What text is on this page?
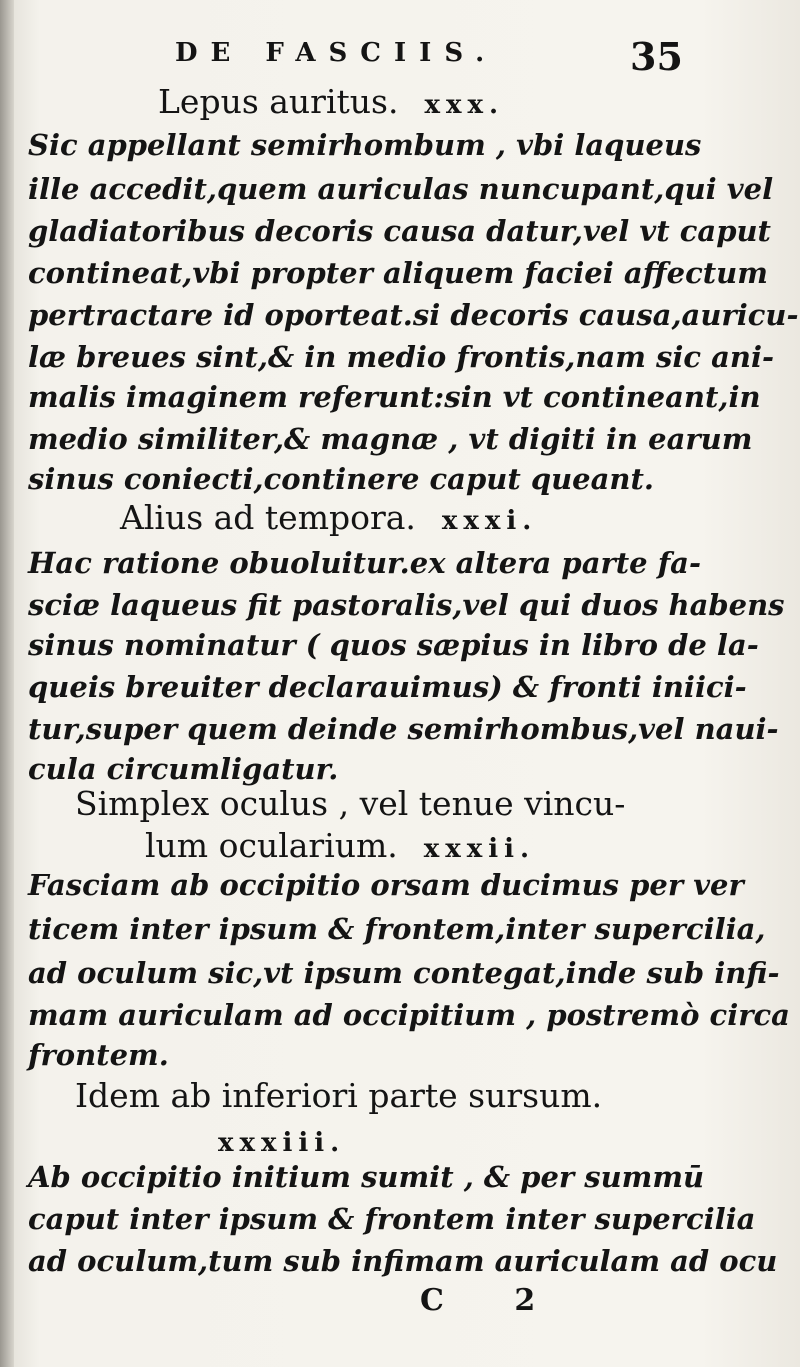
DE FASCIIS.	35
Lepus auritus. xxx.
Sic appellant semirhombum , vbi laqueus
ille accedit,quem auriculas nuncupant,qui vel
gladiatoribus decoris causa datur,vel vt caput
contineat,vbi propter aliquem faciei affectum
pertractare id oporteat.si decoris causa,auricu-
læ breues sint,& in medio frontis,nam sic ani-
malis imaginem referunt:sin vt contineant,in
medio similiter,& magnæ , vt digiti in earum
sinus coniecti,continere caput queant.
Alius ad tempora. xxxi.
Hac ratione obuoluitur.ex altera parte fa-
sciæ laqueus fit pastoralis,vel qui duos habens
sinus nominatur ( quos sæpius in libro de la-
queis breuiter declarauimus) & fronti iniici-
tur,super quem deinde semirhombus,vel naui-
cula circumligatur.
Simplex oculus , vel tenue vincu-
lum ocularium. xxxii.
Fasciam ab occipitio orsam ducimus per ver
ticem inter ipsum & frontem,inter supercilia,
ad oculum sic,vt ipsum contegat,inde sub infi-
mam auriculam ad occipitium , postremò circa
frontem.
Idem ab inferiori parte sursum.
xxxiii.
Ab occipitio initium sumit , & per summū
caput inter ipsum & frontem inter supercilia
ad oculum,tum sub infimam auriculam ad ocu
C 2
